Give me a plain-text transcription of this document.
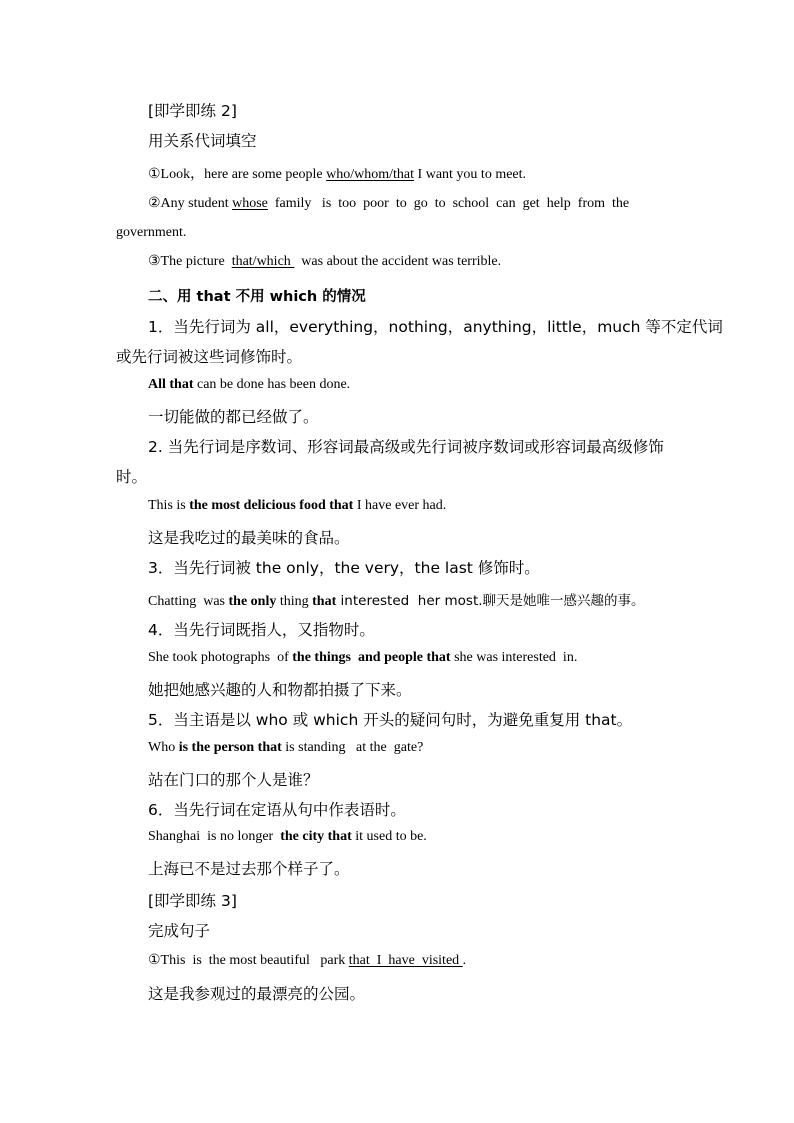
[即学即练 2]
用关系代词填空
①Look，here are some people who/whom/that I want you to meet.
②Any student whose  family   is  too  poor  to  go  to  school  can  get  help  from  the
government.
③The picture  that/which   was about the accident was terrible.
二、用 that 不用 which 的情况
1．当先行词为 all，everything，nothing，anything，little，much 等不定代词
或先行词被这些词修饰时。
All that can be done has been done.
一切能做的都已经做了。
2. 当先行词是序数词、形容词最高级或先行词被序数词或形容词最高级修饰
时。
This is the most delicious food that I have ever had.
这是我吃过的最美味的食品。
3．当先行词被 the only，the very，the last 修饰时。
Chatting  was the only thing that interested  her most.聊天是她唯一感兴趣的事。
4．当先行词既指人，又指物时。
She took photographs  of the things  and people that she was interested  in.
她把她感兴趣的人和物都拍摄了下来。
5．当主语是以 who 或 which 开头的疑问句时，为避免重复用 that。
Who is the person that is standing   at the  gate?
站在门口的那个人是谁？
6．当先行词在定语从句中作表语时。
Shanghai  is no longer  the city that it used to be.
上海已不是过去那个样子了。
[即学即练 3]
完成句子
①This  is  the most beautiful   park that  I  have  visited .
这是我参观过的最漂亮的公园。
